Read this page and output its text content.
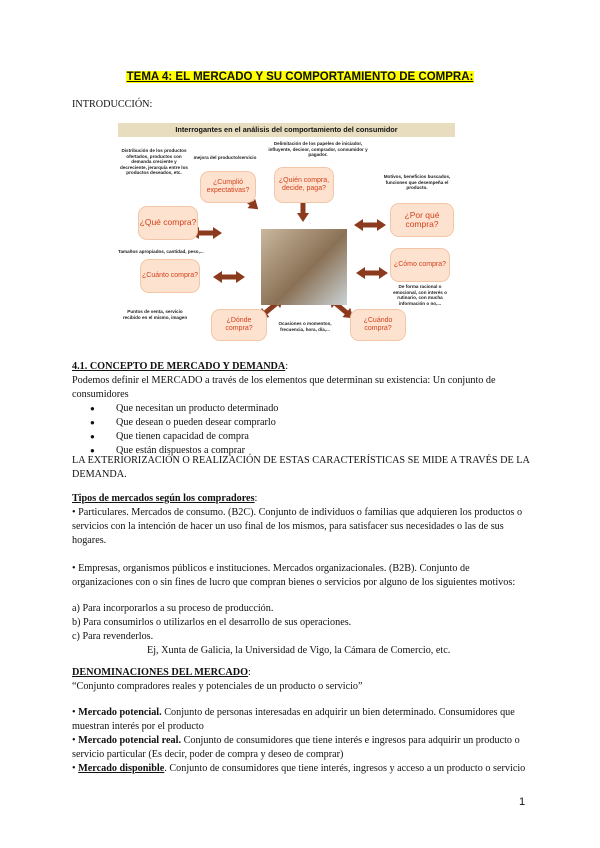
TEMA 4: EL MERCADO Y SU COMPORTAMIENTO DE COMPRA:
INTRODUCCIÓN:
Interrogantes en el análisis del comportamiento del consumidor
¿Cumplió expectativas?
¿Quién compra, decide, paga?
¿Qué compra?
¿Por qué compra?
¿Cuánto compra?
¿Cómo compra?
¿Dónde compra?
¿Cuándo compra?
Distribución de los productos ofertados, productos con demanda creciente y decreciente, jerarquía entre los productos deseados, etc.
mejora del producto/servicio
Delimitación de los papeles de iniciador, influyente, decisor, comprador, consumidor y pagador.
Motivos, beneficios buscados, funciones que desempeña el producto.
Tamaños apropiados, cantidad, peso,...
De forma racional o emocional, con interés o rutinario, con mucha información o no,...
Puntos de venta, servicio recibido en el mismo, imagen
Ocasiones o momentos, frecuencia, hora, día,...
4.1. CONCEPTO DE MERCADO Y DEMANDA:
Podemos definir el MERCADO a través de los elementos que determinan su existencia: Un conjunto de
consumidores
● Que necesitan un producto determinado
● Que desean o pueden desear comprarlo
● Que tienen capacidad de compra
● Que están dispuestos a comprar
LA EXTERIORIZACIÓN O REALIZACIÓN DE ESTAS CARACTERÍSTICAS SE MIDE A TRAVÉS DE LA
DEMANDA.
Tipos de mercados según los compradores:
• Particulares. Mercados de consumo. (B2C). Conjunto de individuos o familias que adquieren los productos o
servicios con la intención de hacer un uso final de los mismos, para satisfacer sus necesidades o las de sus
hogares.
• Empresas, organismos públicos e instituciones. Mercados organizacionales. (B2B). Conjunto de
organizaciones con o sin fines de lucro que compran bienes o servicios por alguno de los siguientes motivos:
a) Para incorporarlos a su proceso de producción.
b) Para consumirlos o utilizarlos en el desarrollo de sus operaciones.
c) Para revenderlos.
Ej, Xunta de Galicia, la Universidad de Vigo, la Cámara de Comercio, etc.
DENOMINACIONES DEL MERCADO:
“Conjunto compradores reales y potenciales de un producto o servicio”
• Mercado potencial. Conjunto de personas interesadas en adquirir un bien determinado. Consumidores que
muestran interés por el producto
• Mercado potencial real. Conjunto de consumidores que tiene interés e ingresos para adquirir un producto o
servicio particular (Es decir, poder de compra y deseo de comprar)
• Mercado disponible. Conjunto de consumidores que tiene interés, ingresos y acceso a un producto o servicio
1
